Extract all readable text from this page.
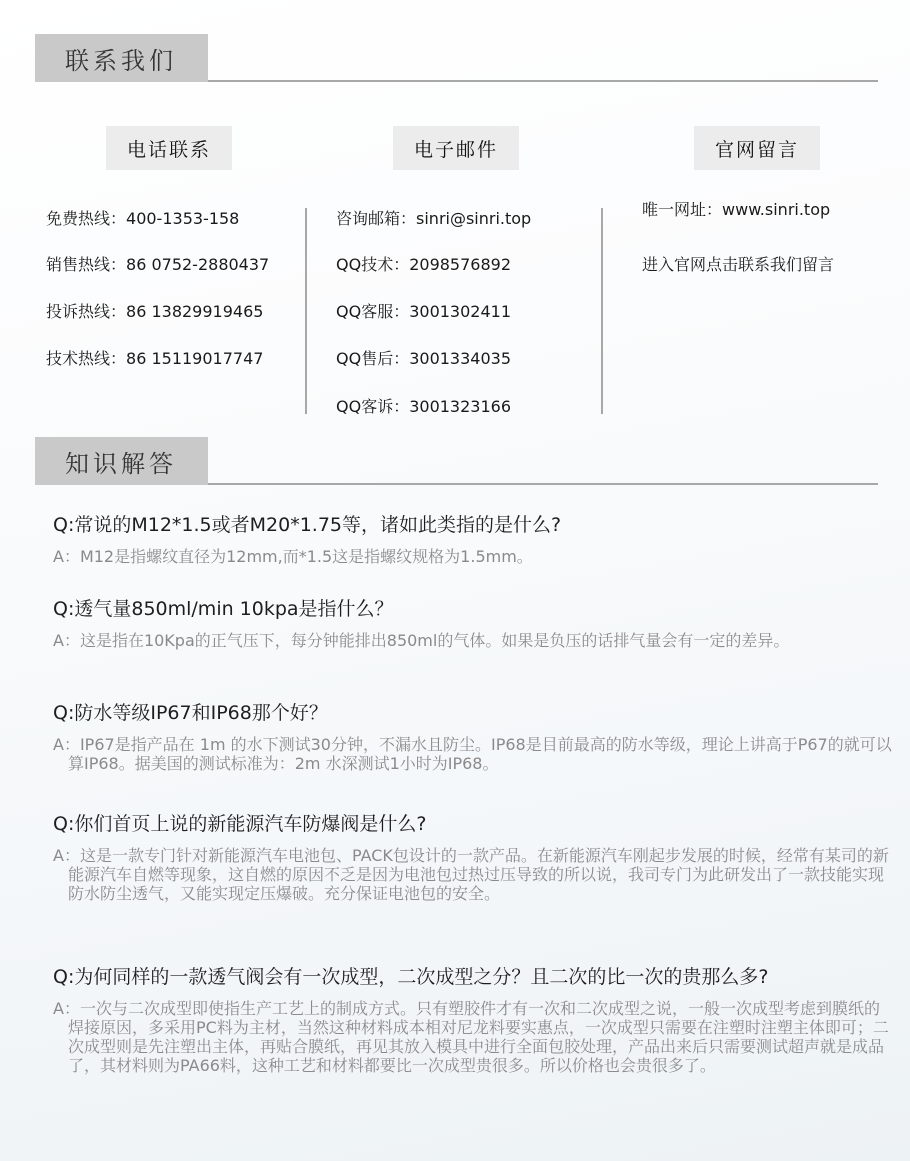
联系我们
电话联系	电子邮件	官网留言
免费热线：400-1353-158
销售热线：86 0752-2880437
投诉热线：86 13829919465
技术热线：86 15119017747
咨询邮箱：sinri@sinri.top
QQ技术：2098576892
QQ客服：3001302411
QQ售后：3001334035
QQ客诉：3001323166
唯一网址：www.sinri.top
进入官网点击联系我们留言
知识解答
Q:常说的M12*1.5或者M20*1.75等，诸如此类指的是什么?
A：M12是指螺纹直径为12mm,而*1.5这是指螺纹规格为1.5mm。
Q:透气量850ml/min 10kpa是指什么？
A：这是指在10Kpa的正气压下，每分钟能排出850ml的气体。如果是负压的话排气量会有一定的差异。
Q:防水等级IP67和IP68那个好？
A：IP67是指产品在 1m 的水下测试30分钟，不漏水且防尘。IP68是目前最高的防水等级，理论上讲高于P67的就可以算IP68。据美国的测试标准为：2m 水深测试1小时为IP68。
Q:你们首页上说的新能源汽车防爆阀是什么?
A：这是一款专门针对新能源汽车电池包、PACK包设计的一款产品。在新能源汽车刚起步发展的时候，经常有某司的新能源汽车自燃等现象，这自燃的原因不乏是因为电池包过热过压导致的所以说，我司专门为此研发出了一款技能实现防水防尘透气，又能实现定压爆破。充分保证电池包的安全。
Q:为何同样的一款透气阀会有一次成型，二次成型之分？且二次的比一次的贵那么多?
A：一次与二次成型即使指生产工艺上的制成方式。只有塑胶件才有一次和二次成型之说，一般一次成型考虑到膜纸的焊接原因，多采用PC料为主材，当然这种材料成本相对尼龙料要实惠点，一次成型只需要在注塑时注塑主体即可；二次成型则是先注塑出主体，再贴合膜纸，再见其放入模具中进行全面包胶处理，产品出来后只需要测试超声就是成品了，其材料则为PA66料，这种工艺和材料都要比一次成型贵很多。所以价格也会贵很多了。
